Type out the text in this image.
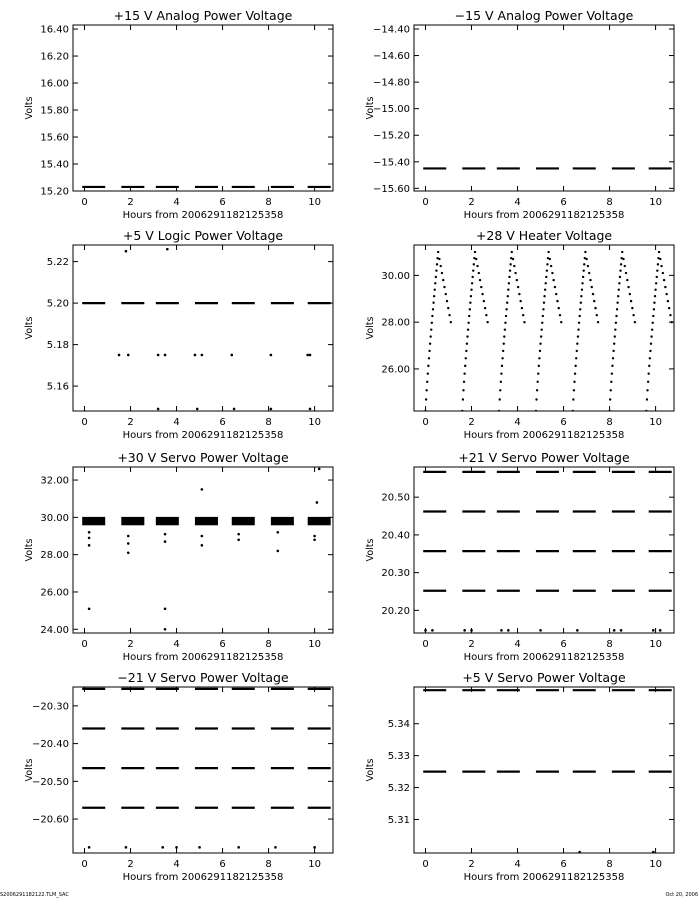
+15 V Analog Power Voltage
Hours from 2006291182125358
Volts
0	2	4	6	8	10
15.20
15.40
15.60
15.80
16.00
16.20
16.40
−15 V Analog Power Voltage
Hours from 2006291182125358
Volts
0	2	4	6	8	10
−15.60
−15.40
−15.20
−15.00
−14.80
−14.60
−14.40
+5 V Logic Power Voltage
Hours from 2006291182125358
Volts
0	2	4	6	8	10
5.16
5.18
5.20
5.22
+28 V Heater Voltage
Hours from 2006291182125358
Volts
0	2	4	6	8	10
26.00
28.00
30.00
+30 V Servo Power Voltage
Hours from 2006291182125358
Volts
0	2	4	6	8	10
24.00
26.00
28.00
30.00
32.00
+21 V Servo Power Voltage
Hours from 2006291182125358
Volts
0	2	4	6	8	10
20.20
20.30
20.40
20.50
−21 V Servo Power Voltage
Hours from 2006291182125358
Volts
0	2	4	6	8	10
−20.60
−20.50
−20.40
−20.30
+5 V Servo Power Voltage
Hours from 2006291182125358
Volts
0	2	4	6	8	10
5.31
5.32
5.33
5.34
S2006291182122.TLM_SAC	Oct 20, 2006
